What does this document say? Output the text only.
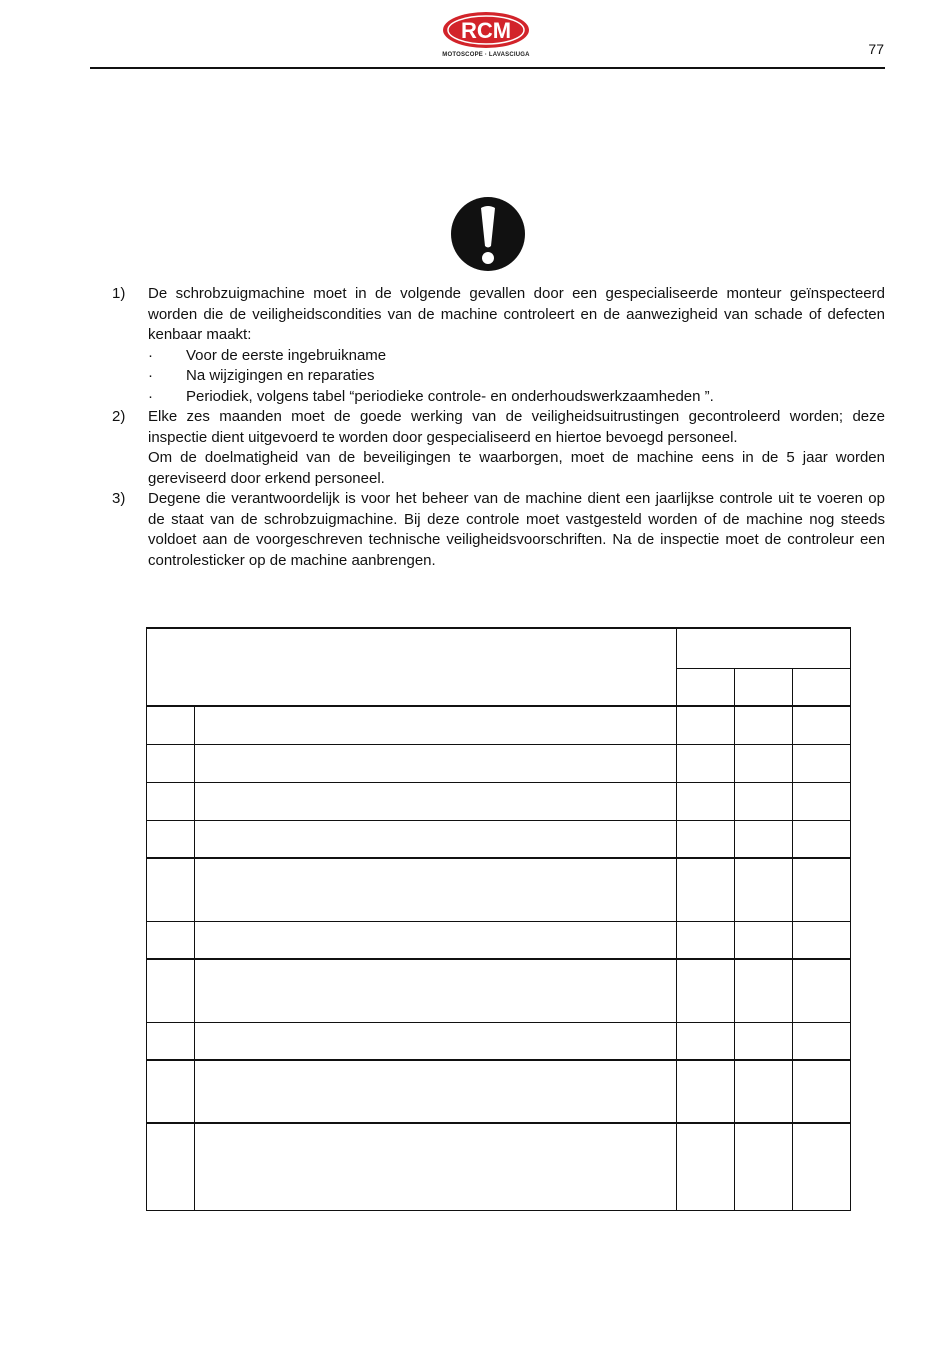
RCM
MOTOSCOPE · LAVASCIUGA	77
1) De schrobzuigmachine moet in de volgende gevallen door een gespecialiseerde monteur geïnspecteerd worden die de veiligheidscondities van de machine controleert en de aanwezigheid van schade of defecten kenbaar maakt:

· Voor de eerste ingebruikname
· Na wijzigingen en reparaties
· Periodiek, volgens tabel “periodieke controle- en onderhoudswerkzaamheden ”.
2) Elke zes maanden moet de goede werking van de veiligheidsuitrustingen gecontroleerd worden; deze inspectie dient uitgevoerd te worden door gespecialiseerd en hiertoe bevoegd personeel.

Om de doelmatigheid van de beveiligingen te waarborgen, moet de machine eens in de 5 jaar worden gereviseerd door erkend personeel.

3) Degene die verantwoordelijk is voor het beheer van de machine dient een jaarlijkse controle uit te voeren op de staat van de schrobzuigmachine. Bij deze controle moet vastgesteld worden of de machine nog steeds voldoet aan de voorgeschreven technische veiligheidsvoorschriften. Na de inspectie moet de controleur een controlesticker op de machine aanbrengen.
